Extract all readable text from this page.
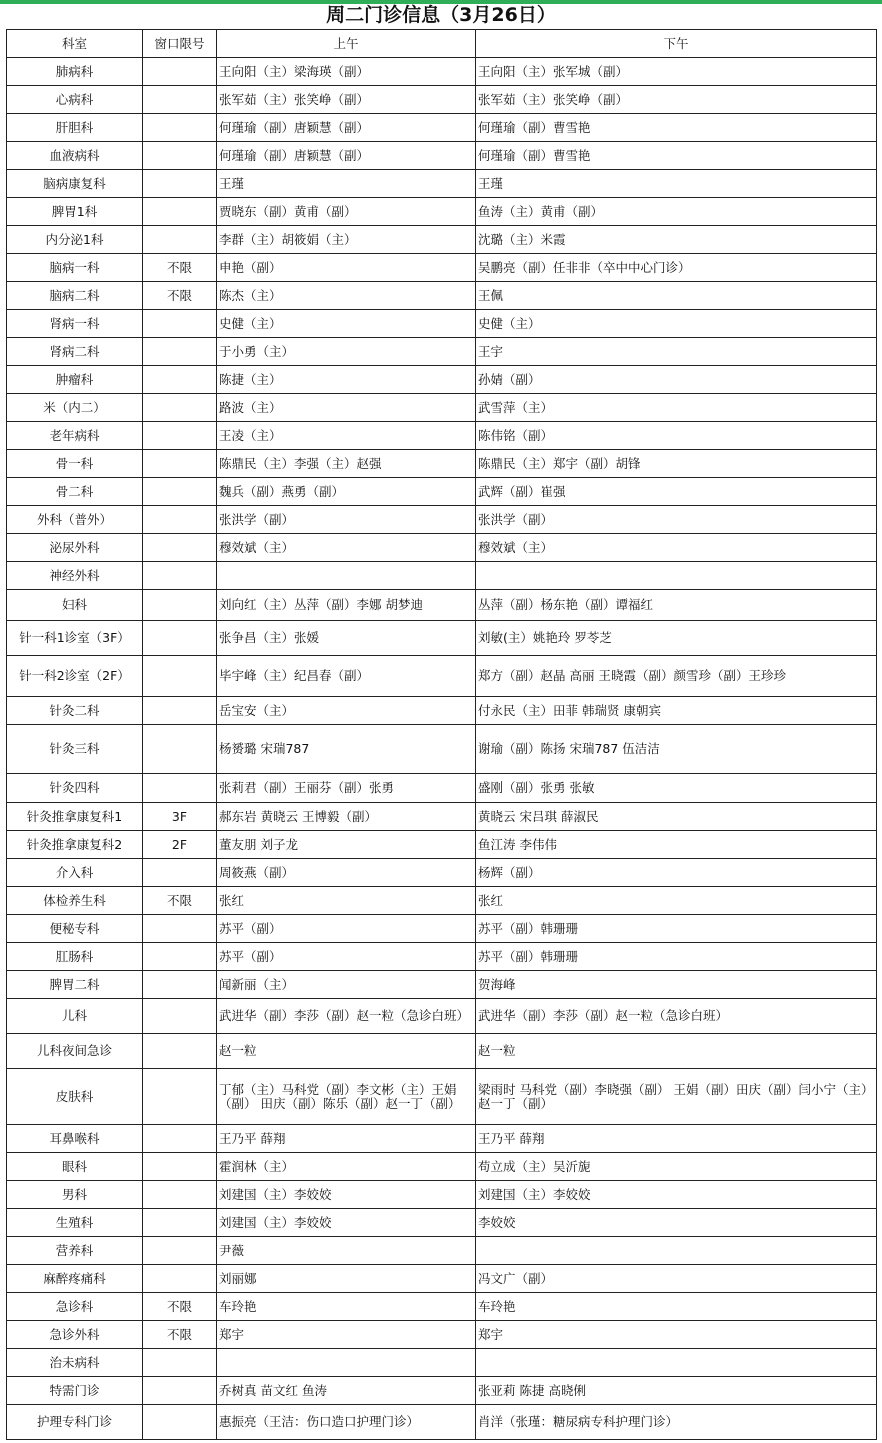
周二门诊信息（3月26日）
科室	窗口限号	上午	下午
肺病科		王向阳（主）梁海瑛（副）	王向阳（主）张军城（副）
心病科		张军茹（主）张笑峥（副）	张军茹（主）张笑峥（副）
肝胆科		何瑾瑜（副）唐颖慧（副）	何瑾瑜（副）曹雪艳
血液病科		何瑾瑜（副）唐颖慧（副）	何瑾瑜（副）曹雪艳
脑病康复科		王瑾	王瑾
脾胃1科		贾晓东（副）黄甫（副）	鱼涛（主）黄甫（副）
内分泌1科		李群（主）胡筱娟（主）	沈璐（主）米霞
脑病一科	不限	申艳（副）	吴鹏亮（副）任非非（卒中中心门诊）
脑病二科	不限	陈杰（主）	王佩
肾病一科		史健（主）	史健（主）
肾病二科		于小勇（主）	王宇
肿瘤科		陈捷（主）	孙婧（副）
米（内二）		路波（主）	武雪萍（主）
老年病科		王凌（主）	陈伟铭（副）
骨一科		陈鼎民（主）李强（主）赵强	陈鼎民（主）郑宇（副）胡锋
骨二科		魏兵（副）燕勇（副）	武辉（副）崔强
外科（普外）		张洪学（副）	张洪学（副）
泌尿外科		穆效斌（主）	穆效斌（主）
神经外科			
妇科		刘向红（主）丛萍（副）李娜 胡梦迪	丛萍（副）杨东艳（副）谭福红
针一科1诊室（3F）		张争昌（主）张媛	刘敏(主）姚艳玲 罗苓芝
针一科2诊室（2F）		毕宇峰（主）纪昌春（副）	郑方（副）赵晶 高丽 王晓霞（副）颜雪珍（副）王珍珍
针灸二科		岳宝安（主）	付永民（主）田菲 韩瑞贤 康朝宾
针灸三科		杨赟璐 宋瑞787	谢瑜（副）陈扬 宋瑞787 伍洁洁
针灸四科		张莉君（副）王丽芬（副）张勇	盛刚（副）张勇 张敏
针灸推拿康复科1	3F	郝东岩 黄晓云 王博毅（副）	黄晓云 宋吕琪 薛淑民
针灸推拿康复科2	2F	董友朋 刘子龙	鱼江涛 李伟伟
介入科		周筱燕（副）	杨辉（副）
体检养生科	不限	张红	张红
便秘专科		苏平（副）	苏平（副）韩珊珊
肛肠科		苏平（副）	苏平（副）韩珊珊
脾胃二科		闻新丽（主）	贺海峰
儿科		武进华（副）李莎（副）赵一粒（急诊白班）	武进华（副）李莎（副）赵一粒（急诊白班）
儿科夜间急诊		赵一粒	赵一粒
皮肤科		丁郁（主）马科党（副）李文彬（主）王娟（副） 田庆（副）陈乐（副）赵一丁（副）	梁雨时 马科党（副）李晓强（副） 王娟（副）田庆（副）闫小宁（主） 赵一丁（副）
耳鼻喉科		王乃平 薛翔	王乃平 薛翔
眼科		霍润林（主）	苟立成（主）吴沂旎
男科		刘建国（主）李姣姣	刘建国（主）李姣姣
生殖科		刘建国（主）李姣姣	李姣姣
营养科		尹薇	
麻醉疼痛科		刘丽娜	冯文广（副）
急诊科	不限	车玲艳	车玲艳
急诊外科	不限	郑宇	郑宇
治未病科			
特需门诊		乔树真 苗文红 鱼涛	张亚莉 陈捷 高晓俐
护理专科门诊		惠振亮（王洁：伤口造口护理门诊）	肖洋（张瑾：糖尿病专科护理门诊）
